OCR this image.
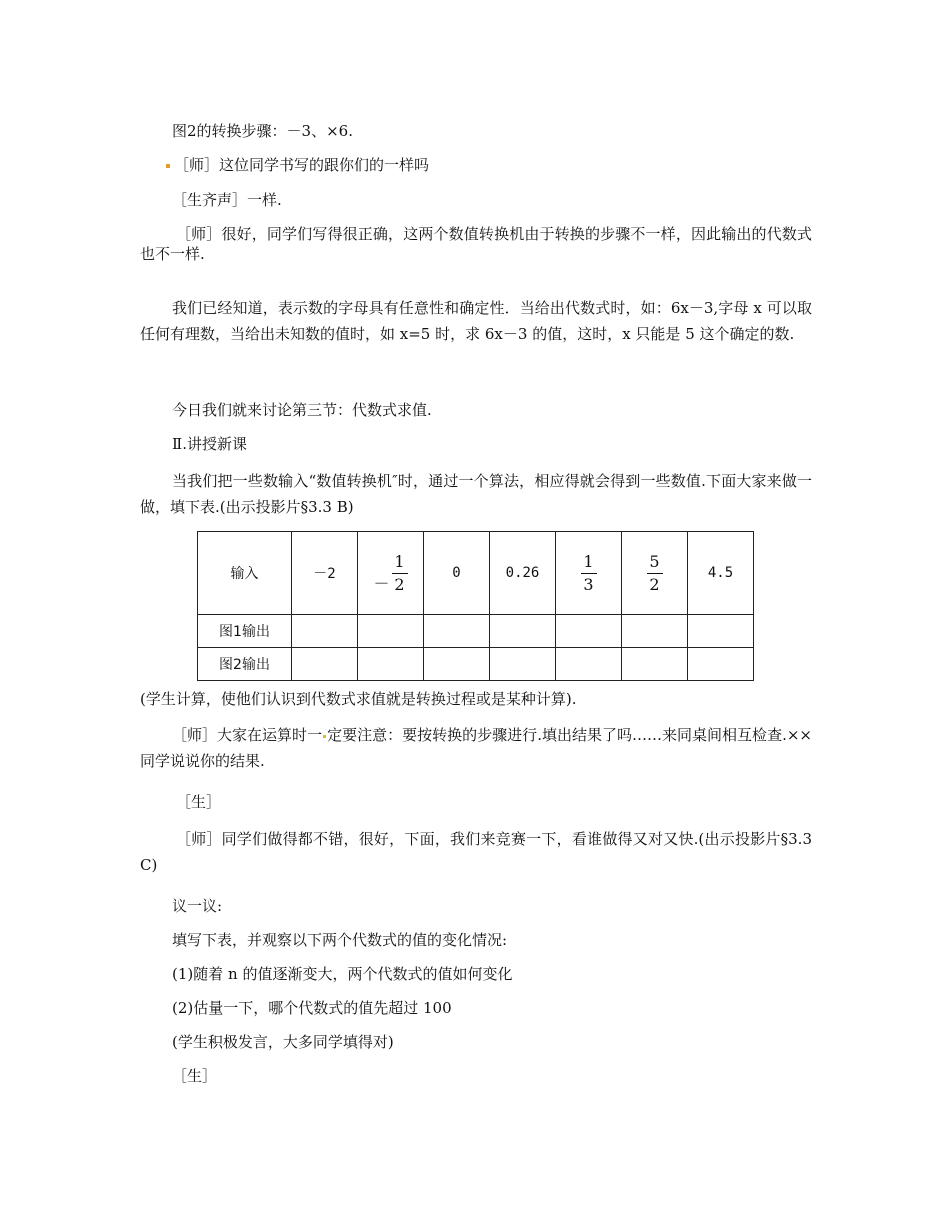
图2的转换步骤：－3、×6.
［师］这位同学书写的跟你们的一样吗
［生齐声］一样.
［师］很好，同学们写得很正确，这两个数值转换机由于转换的步骤不一样，因此输出的代数式也不一样.
我们已经知道，表示数的字母具有任意性和确定性．当给出代数式时，如：6x－3,字母 x 可以取任何有理数，当给出未知数的值时，如 x=5 时，求 6x－3 的值，这时，x 只能是 5 这个确定的数.
今日我们就来讨论第三节：代数式求值.
Ⅱ.讲授新课
当我们把一些数输入“数值转换机″时，通过一个算法，相应得就会得到一些数值.下面大家来做一做，填下表.(出示投影片§3.3 B)
输入	－2	－ $\frac{1}{2}$	0	0.26	$\frac{1}{3}$	$\frac{5}{2}$	4.5
图1输出							
图2输出							
(学生计算，使他们认识到代数式求值就是转换过程或是某种计算).
［师］大家在运算时一 定要注意：要按转换的步骤进行.填出结果了吗……来同桌间相互检查.××同学说说你的结果.
［生］
［师］同学们做得都不错，很好，下面，我们来竞赛一下，看谁做得又对又快.(出示投影片§3.3 C)
议一议:
填写下表，并观察以下两个代数式的值的变化情况:
(1)随着 n 的值逐渐变大，两个代数式的值如何变化
(2)估量一下，哪个代数式的值先超过 100
(学生积极发言，大多同学填得对)
［生］
